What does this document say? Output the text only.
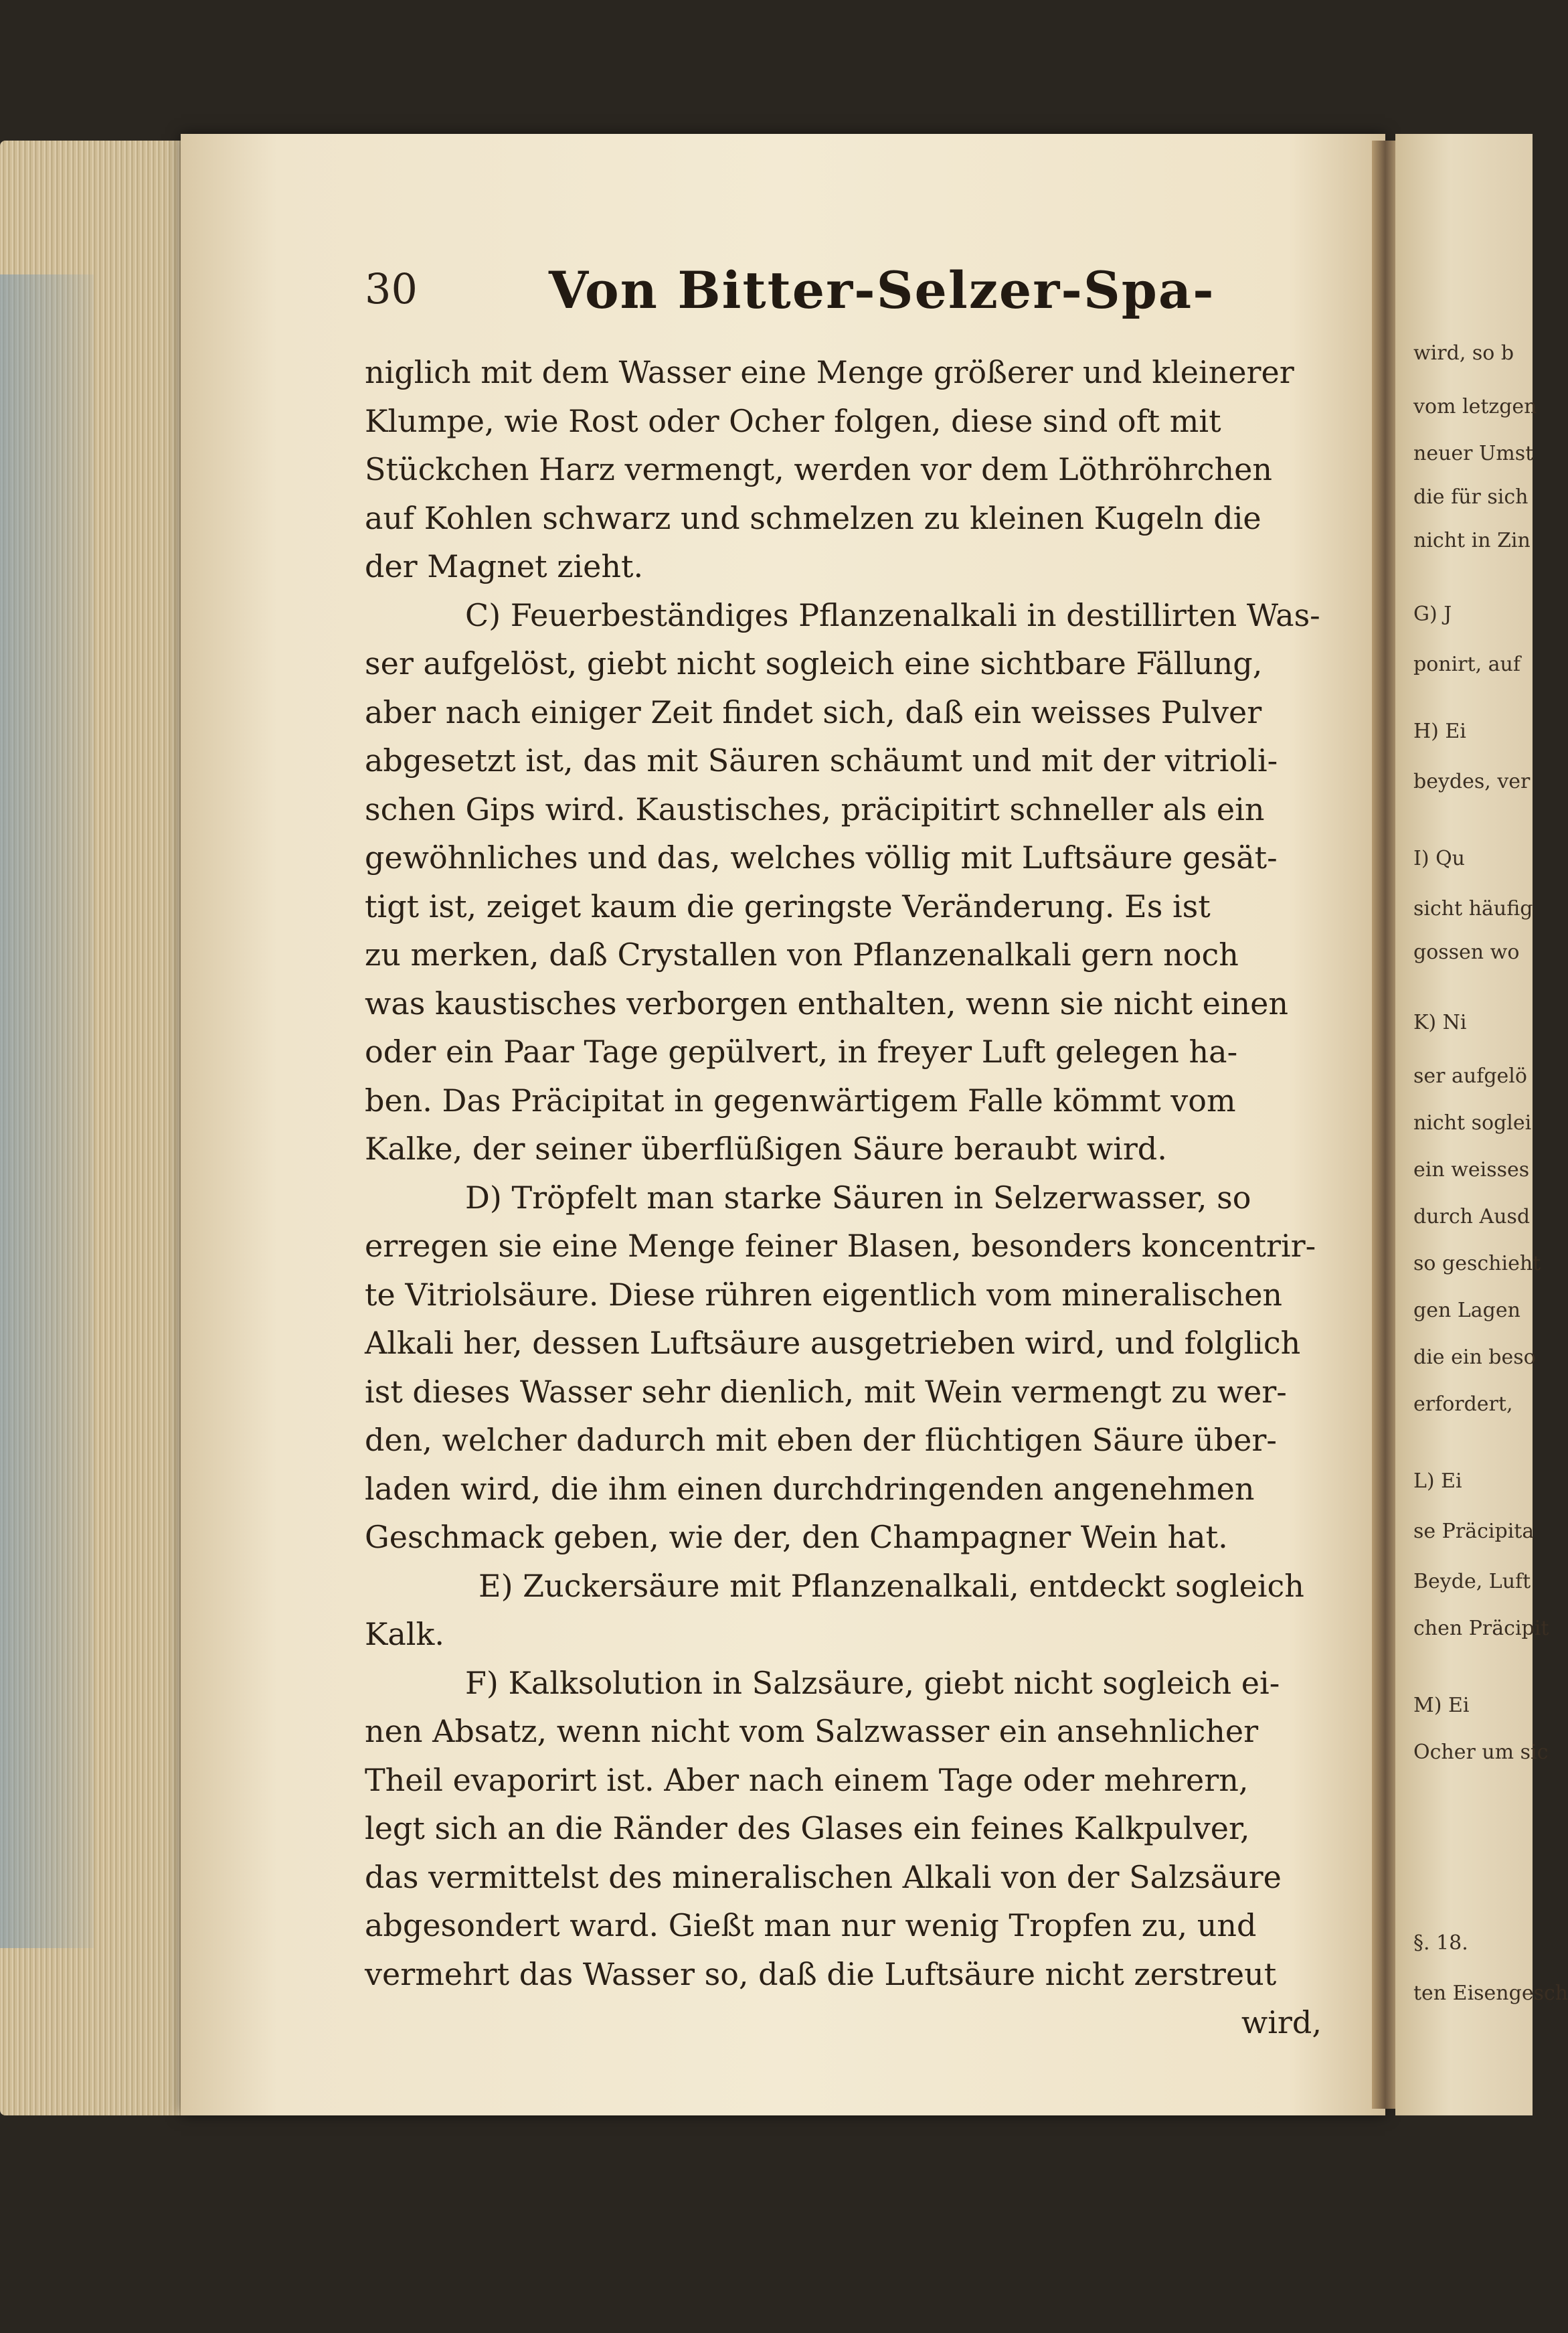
30	Von Bitter-Selzer-Spa-

niglich mit dem Wasser eine Menge größerer und kleinerer
Klumpe, wie Rost oder Ocher folgen, diese sind oft mit
Stückchen Harz vermengt, werden vor dem Löthröhrchen
auf Kohlen schwarz und schmelzen zu kleinen Kugeln die
der Magnet zieht.

C) Feuerbeständiges Pflanzenalkali in destillirten Was-
ser aufgelöst, giebt nicht sogleich eine sichtbare Fällung,
aber nach einiger Zeit findet sich, daß ein weisses Pulver
abgesetzt ist, das mit Säuren schäumt und mit der vitrioli-
schen Gips wird. Kaustisches, präcipitirt schneller als ein
gewöhnliches und das, welches völlig mit Luftsäure gesät-
tigt ist, zeiget kaum die geringste Veränderung. Es ist
zu merken, daß Crystallen von Pflanzenalkali gern noch
was kaustisches verborgen enthalten, wenn sie nicht einen
oder ein Paar Tage gepülvert, in freyer Luft gelegen ha-
ben. Das Präcipitat in gegenwärtigem Falle kömmt vom
Kalke, der seiner überflüßigen Säure beraubt wird.

D) Tröpfelt man starke Säuren in Selzerwasser, so
erregen sie eine Menge feiner Blasen, besonders koncentrir-
te Vitriolsäure. Diese rühren eigentlich vom mineralischen
Alkali her, dessen Luftsäure ausgetrieben wird, und folglich
ist dieses Wasser sehr dienlich, mit Wein vermengt zu wer-
den, welcher dadurch mit eben der flüchtigen Säure über-
laden wird, die ihm einen durchdringenden angenehmen
Geschmack geben, wie der, den Champagner Wein hat.

E) Zuckersäure mit Pflanzenalkali, entdeckt sogleich
Kalk.

F) Kalksolution in Salzsäure, giebt nicht sogleich ei-
nen Absatz, wenn nicht vom Salzwasser ein ansehnlicher
Theil evaporirt ist. Aber nach einem Tage oder mehrern,
legt sich an die Ränder des Glases ein feines Kalkpulver,
das vermittelst des mineralischen Alkali von der Salzsäure
abgesondert ward. Gießt man nur wenig Tropfen zu, und
vermehrt das Wasser so, daß die Luftsäure nicht zerstreut

wird,
wird, so b
vom letzgen
neuer Umst
die für sich
nicht in Zin
G) J
ponirt, auf
H) Ei
beydes, ver
I) Qu
sicht häufig
gossen wo
K) Ni
ser aufgelö
nicht soglei
ein weisses
durch Ausd
so geschieht
gen Lagen
die ein beso
erfordert,
L) Ei
se Präcipita
Beyde, Luft
chen Präcipit
M) Ei
Ocher um sic
§. 18.
ten Eisengesch
